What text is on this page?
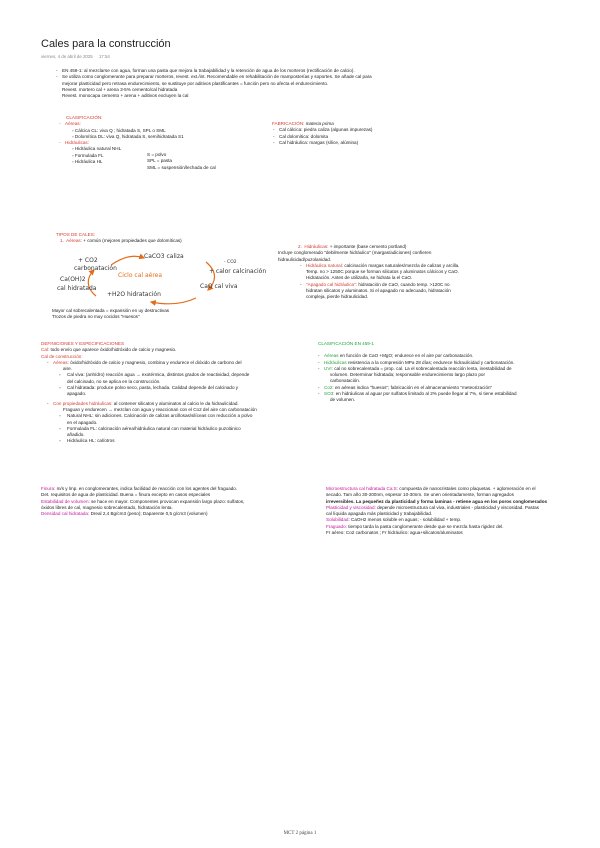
Cales para la construcción
viernes, 4 de abril de 2025 17:54
- EN 459-1: al mezclarse con agua, forman una pasta que mejora la trabajabilidad y la retención de agua de los morteros (rectificación de calcio).
- Se utiliza como conglomerante para preparar morteros, revest. ext./int. Recomendable en rehabilitación de mamposterías y soportes. Se añade cal para
mejorar plasticidad pero retrasa endurecimiento, se sustituye por aditivos plastificantes = función pero no afecta el endurecimiento.
Revest. mortero cal + arena 3-5% cemento/cal hidratada
Revest. monocapa cemento + arena + aditivos excluyen la cal
CLASIFICACIÓN:
- Aéreas:
▫ Cálcica CL: viva Q ; hidratada S, SPL o SML
▫ Dolomítica DL: viva Q, hidratada S, semihidratada S1
- Hidráulicas:
▫ Hidráulica natural NHL
▫ Formulada FL
▫ Hidráulica HL
S = polvo
SPL = pasta
SML = suspensión/lechada de cal
FABRICACIÓN: materia prima
- Cal cálcica: piedra caliza (algunas impurezas)
- Cal dolomítica: dolomita
- Cal hidráulica: margas (sílice, alúmina)
TIPOS DE CALES:
1. Aéreas: + común (mejores propiedades que dolomíticas)
+ CO2
carbonatación
CaCO3 caliza
- CO2
+ calor calcinación
CaO cal viva
+H2O hidratación
Ca(OH)2
cal hidratada
Ciclo cal aérea
Mayor cal sobrecalentada = expansión en uy destructivas
Trozos de piedra no muy cocidos "Huesos"
2. Hidráulicas: + importante (base cemento portland)
Incluye conglomerado "debilmente hidráulico" (margas/adiciones) confieren
hidraulicidad/puzolanidad.
- Hidráulica natural: calcinación margas naturales/mezcla de calizas y arcilla.
Temp. no > 1250C porque se forman silicatos y aluminatos cálcicos y CaO.
Hidratación. Antes de utilizarla, se hidrata la el CaO.
- "Apagado cal hidráulica": hidratación de CaO, cuando temp. >120C no
hidratan silicatos y aluminatos. Si el apagado no adecuado, hidratación
compleja, pierde hidraulicidad.
DEFINICIONES Y ESPECIFICACIONES
Cal: todo envío que aparece óxido/hidróxido de calcio y magnesio.
Cal de construcción:
- Aéreas: óxido/hidróxido de calcio y magnesio, combina y endurece el dióxido de carbono del
aire.
▫ Cal viva: (anhídro) reacción agua → exotérmica, distintos grados de reactividad, depende
del calcinado, no se aplica en la construcción.
▫ Cal hidratada: produce polvo seco, pasta, lechada. Calidad depende del calcinado y
apagado.
- Con propiedades hidráulicas: al contener silicatos y aluminatos al calcio le da hidraulicidad.
Fraguan y endurecen → mezclan con agua y reaccionan con el Co2 del aire con carbonatación
▫ Natural NHL: sin adiciones. Calcinación de calizas arcillosas/silíceas con reducción a polvo
en el apagado.
▫ Formulada FL: calcinación aérea/hidráulica natural con material hidráulico puzolánico
añadido.
▫ Hidráulica HL: cal/otros
CLASIFICACIÓN EN 459-1
- Aéreas en función de CaO +MgO; endurece en el aire por carbonatación.
- Hidráulicas resistencia a la compresión MPa 28 días; endurece hidraulicidad y carbonatación.
- UVI: cal no sobrecalentada = prop. cal. La el sobrecalentada reacción lenta, inestabilidad de
volumen. Determinar hidratada; responsable endurecimiento largo plazo por
carbonatación.
- Co2: en aéreas indica "huesos"; fabricación en el almacenamiento "meteorización"
- SO3: en hidráulicas al aguar por sulfatos limitado al 2% puede llegar al 7%, si tiene estabilidad
de volumen.
Finura: m/s y lmp. en conglomerantes, indica facilidad de reacción con los agentes del fraguado.
Det. requisitos de agua de plasticidad. Buena = finura excepto en casos especiales
Estabilidad de volumen: se hace en mayor. Componentes provocan expansión largo plazo: sulfatos,
óxidos libres de cal, magnesio sobrecalentado, hidratación lenta.
Densidad cal hidratada: Dreal 2,4 Bg/cm3 (peso); Daparente 0,5 g/cm3 (volumen)
Microestructura cal hidratada Ca:S: compuesta de nanocristales como plaquetas. + aglomeración en el
secado. Tam año 30-200nm, espesor 10-30nm. Se unen orientadamente, forman agregados
irreversibles. La pequeñez da plasticidad y forma laminas - retiene agua en los poros conglomerados
Plasticidad y viscosidad: depende microestructura cal viva, industriales - plasticidad y viscosidad. Pastas
cal líquida apagada más plasticidad y trabajabilidad.
Solubilidad: CaOH2 menos soluble en aguas; - solubilidad + temp.
Fraguado: tiempo tarda la pasta conglomerante desde que se mezcla hasta rigidez del.
Fr aéreo: Co2 carbonatos ; Fr hidráulico: agua+silicatos/aluminatos
MCT 2 página 1
